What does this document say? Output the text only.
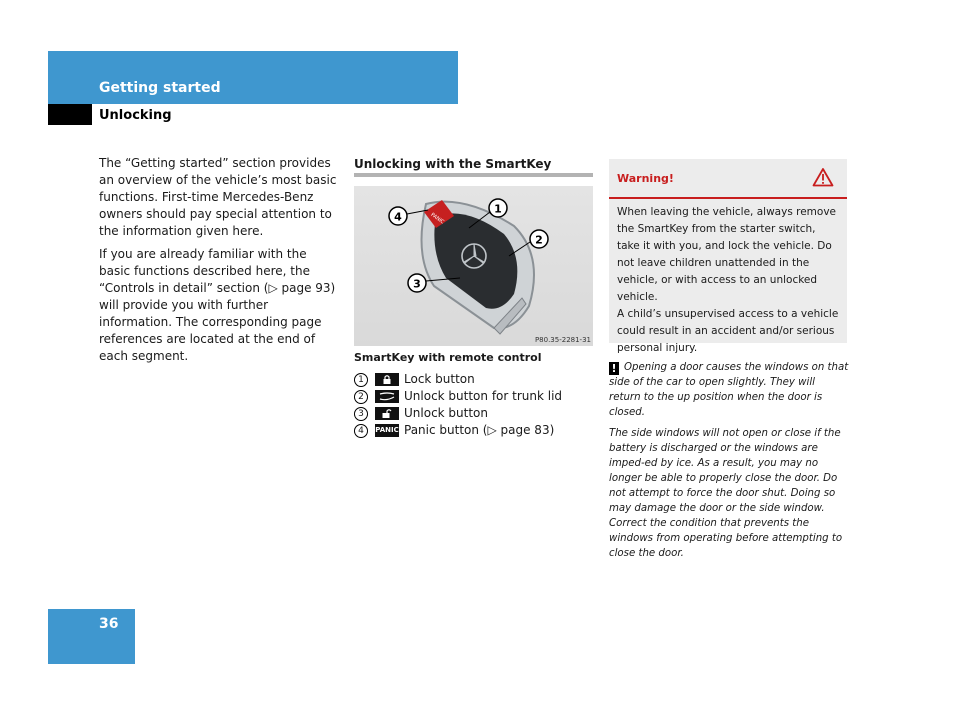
Getting started
Unlocking

The “Getting started” section provides an overview of the vehicle’s most basic functions. First-time Mercedes-Benz owners should pay special attention to the information given here.

If you are already familiar with the basic functions described here, the “Controls in detail” section (▷ page 93) will provide you with further information. The corresponding page references are located at the end of each segment.

Unlocking with the SmartKey
PANIC
1
2
3
4
P80.35-2281-31
SmartKey with remote control
1	Lock button
2	Unlock button for trunk lid
3	Unlock button
4	PANIC Panic button (▷ page 83)
Warning!
When leaving the vehicle, always remove the SmartKey from the starter switch, take it with you, and lock the vehicle. Do not leave children unattended in the vehicle, or with access to an unlocked vehicle.
A child’s unsupervised access to a vehicle could result in an accident and/or serious personal injury.

! Opening a door causes the windows on that side of the car to open slightly. They will return to the up position when the door is closed.

The side windows will not open or close if the battery is discharged or the windows are imped-ed by ice. As a result, you may no longer be able to properly close the door. Do not attempt to force the door shut. Doing so may damage the door or the side window. Correct the condition that prevents the windows from operating before attempting to close the door.

36
